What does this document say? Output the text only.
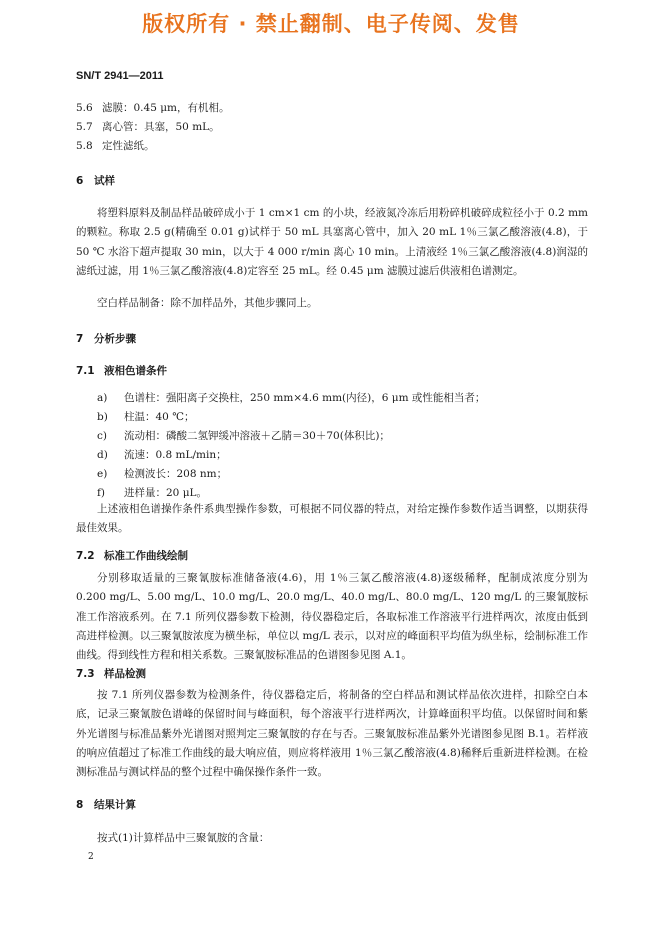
版权所有 · 禁止翻制、电子传阅、发售
SN/T 2941—2011
5.6 滤膜：0.45 μm，有机相。
5.7 离心管：具塞，50 mL。
5.8 定性滤纸。
6 试样
将塑料原料及制品样品破碎成小于 1 cm×1 cm 的小块，经液氮冷冻后用粉碎机破碎成粒径小于 0.2 mm 的颗粒。称取 2.5 g(精确至 0.01 g)试样于 50 mL 具塞离心管中，加入 20 mL 1％三氯乙酸溶液(4.8)，于 50 ℃ 水浴下超声提取 30 min，以大于 4 000 r/min 离心 10 min。上清液经 1％三氯乙酸溶液(4.8)润湿的滤纸过滤，用 1％三氯乙酸溶液(4.8)定容至 25 mL。经 0.45 μm 滤膜过滤后供液相色谱测定。
空白样品制备：除不加样品外，其他步骤同上。
7 分析步骤
7.1 液相色谱条件
a) 色谱柱：强阳离子交换柱，250 mm×4.6 mm(内径)，6 μm 或性能相当者；
b) 柱温：40 ℃；
c) 流动相：磷酸二氢钾缓冲溶液＋乙腈＝30＋70(体积比)；
d) 流速：0.8 mL/min；
e) 检测波长：208 nm；
f) 进样量：20 μL。
上述液相色谱操作条件系典型操作参数，可根据不同仪器的特点，对给定操作参数作适当调整，以期获得最佳效果。
7.2 标准工作曲线绘制
分别移取适量的三聚氰胺标准储备液(4.6)，用 1％三氯乙酸溶液(4.8)逐级稀释，配制成浓度分别为 0.200 mg/L、5.00 mg/L、10.0 mg/L、20.0 mg/L、40.0 mg/L、80.0 mg/L、120 mg/L 的三聚氰胺标准工作溶液系列。在 7.1 所列仪器参数下检测，待仪器稳定后，各取标准工作溶液平行进样两次，浓度由低到高进样检测。以三聚氰胺浓度为横坐标，单位以 mg/L 表示，以对应的峰面积平均值为纵坐标，绘制标准工作曲线。得到线性方程和相关系数。三聚氰胺标准品的色谱图参见图 A.1。
7.3 样品检测
按 7.1 所列仪器参数为检测条件，待仪器稳定后，将制备的空白样品和测试样品依次进样，扣除空白本底，记录三聚氰胺色谱峰的保留时间与峰面积，每个溶液平行进样两次，计算峰面积平均值。以保留时间和紫外光谱图与标准品紫外光谱图对照判定三聚氰胺的存在与否。三聚氰胺标准品紫外光谱图参见图 B.1。若样液的响应值超过了标准工作曲线的最大响应值，则应将样液用 1％三氯乙酸溶液(4.8)稀释后重新进样检测。在检测标准品与测试样品的整个过程中确保操作条件一致。
8 结果计算
按式(1)计算样品中三聚氰胺的含量：
2
